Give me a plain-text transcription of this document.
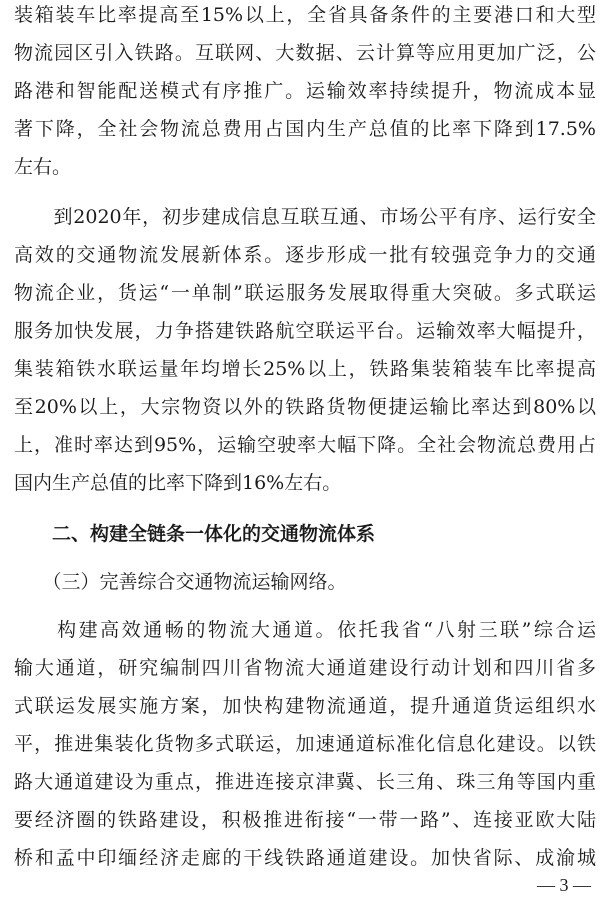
装箱装车比率提高至15%以上，全省具备条件的主要港口和大型
物流园区引入铁路。互联网、大数据、云计算等应用更加广泛，公
路港和智能配送模式有序推广。运输效率持续提升，物流成本显
著下降，全社会物流总费用占国内生产总值的比率下降到17.5%
左右。
　　到2020年，初步建成信息互联互通、市场公平有序、运行安全
高效的交通物流发展新体系。逐步形成一批有较强竞争力的交通
物流企业，货运“一单制”联运服务发展取得重大突破。多式联运
服务加快发展，力争搭建铁路航空联运平台。运输效率大幅提升，
集装箱铁水联运量年均增长25%以上，铁路集装箱装车比率提高
至20%以上，大宗物资以外的铁路货物便捷运输比率达到80%以
上，准时率达到95%，运输空驶率大幅下降。全社会物流总费用占
国内生产总值的比率下降到16%左右。
　　二、构建全链条一体化的交通物流体系
　　（三）完善综合交通物流运输网络。
　　构建高效通畅的物流大通道。依托我省“八射三联”综合运
输大通道，研究编制四川省物流大通道建设行动计划和四川省多
式联运发展实施方案，加快构建物流通道，提升通道货运组织水
平，推进集装化货物多式联运，加速通道标准化信息化建设。以铁
路大通道建设为重点，推进连接京津冀、长三角、珠三角等国内重
要经济圈的铁路建设，积极推进衔接“一带一路”、连接亚欧大陆
桥和孟中印缅经济走廊的干线铁路通道建设。加快省际、成渝城
— 3 —
